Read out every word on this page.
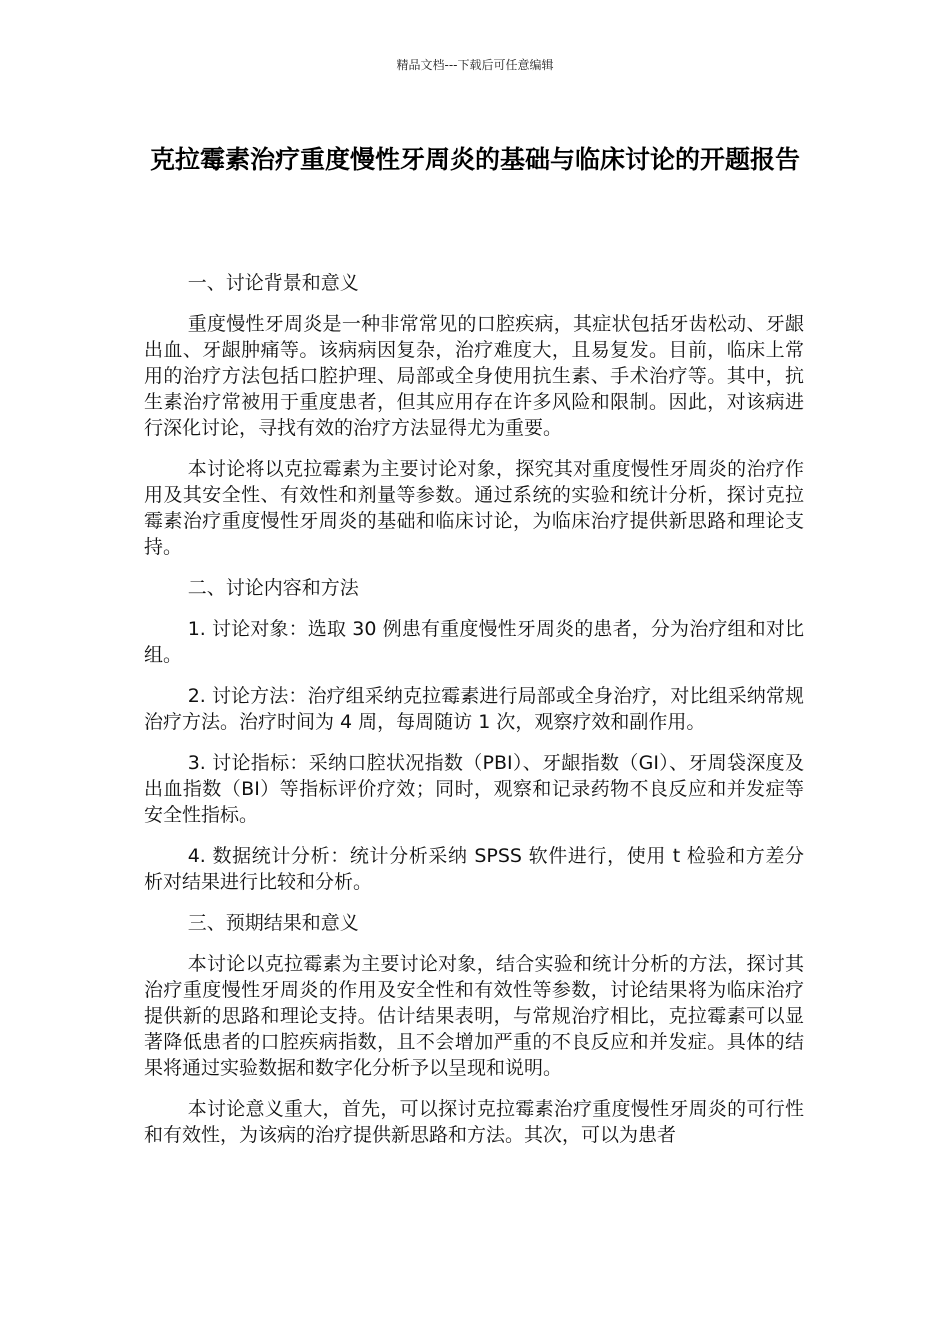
精品文档---下载后可任意编辑
克拉霉素治疗重度慢性牙周炎的基础与临床讨论的开题报告

一、讨论背景和意义

重度慢性牙周炎是一种非常常见的口腔疾病，其症状包括牙齿松动、牙龈出血、牙龈肿痛等。该病病因复杂，治疗难度大，且易复发。目前，临床上常用的治疗方法包括口腔护理、局部或全身使用抗生素、手术治疗等。其中，抗生素治疗常被用于重度患者，但其应用存在许多风险和限制。因此，对该病进行深化讨论，寻找有效的治疗方法显得尤为重要。

本讨论将以克拉霉素为主要讨论对象，探究其对重度慢性牙周炎的治疗作用及其安全性、有效性和剂量等参数。通过系统的实验和统计分析，探讨克拉霉素治疗重度慢性牙周炎的基础和临床讨论，为临床治疗提供新思路和理论支持。

二、讨论内容和方法

1. 讨论对象：选取 30 例患有重度慢性牙周炎的患者，分为治疗组和对比组。

2. 讨论方法：治疗组采纳克拉霉素进行局部或全身治疗，对比组采纳常规治疗方法。治疗时间为 4 周，每周随访 1 次，观察疗效和副作用。

3. 讨论指标：采纳口腔状况指数（PBI）、牙龈指数（GI）、牙周袋深度及出血指数（BI）等指标评价疗效；同时，观察和记录药物不良反应和并发症等安全性指标。

4. 数据统计分析：统计分析采纳 SPSS 软件进行，使用 t 检验和方差分析对结果进行比较和分析。

三、预期结果和意义

本讨论以克拉霉素为主要讨论对象，结合实验和统计分析的方法，探讨其治疗重度慢性牙周炎的作用及安全性和有效性等参数，讨论结果将为临床治疗提供新的思路和理论支持。估计结果表明，与常规治疗相比，克拉霉素可以显著降低患者的口腔疾病指数，且不会增加严重的不良反应和并发症。具体的结果将通过实验数据和数字化分析予以呈现和说明。

本讨论意义重大，首先，可以探讨克拉霉素治疗重度慢性牙周炎的可行性和有效性，为该病的治疗提供新思路和方法。其次，可以为患者
